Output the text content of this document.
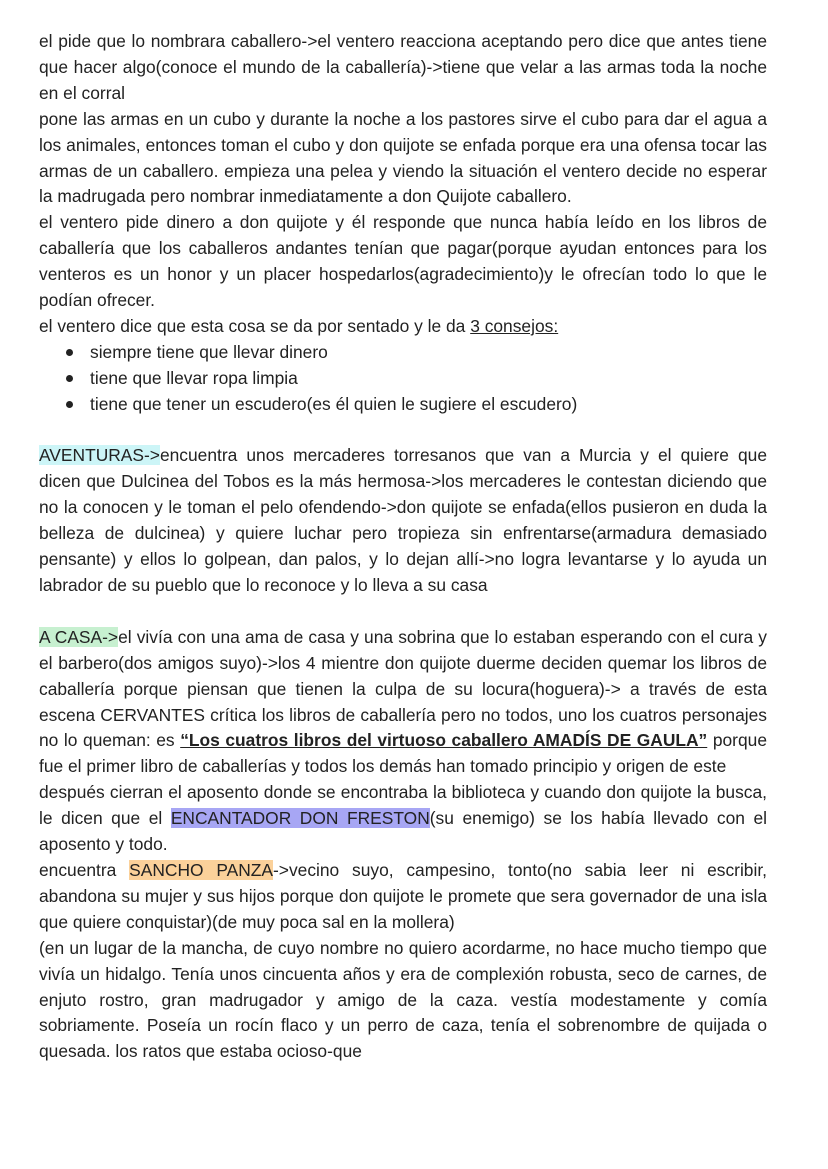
el pide que lo nombrara caballero->el ventero reacciona aceptando pero dice que antes tiene que hacer algo(conoce el mundo de la caballería)->tiene que velar a las armas toda la noche en el corral

pone las armas en un cubo y durante la noche a los pastores sirve el cubo para dar el agua a los animales, entonces toman el cubo y don quijote se enfada porque era una ofensa tocar las armas de un caballero. empieza una pelea y viendo la situación el ventero decide no esperar la madrugada pero nombrar inmediatamente a don Quijote caballero.

el ventero pide dinero a don quijote y él responde que nunca había leído en los libros de caballería que los caballeros andantes tenían que pagar(porque ayudan entonces para los venteros es un honor y un placer hospedarlos(agradecimiento)y le ofrecían todo lo que le podían ofrecer.

el ventero dice que esta cosa se da por sentado y le da 3 consejos:

siempre tiene que llevar dinero
tiene que llevar ropa limpia
tiene que tener un escudero(es él quien le sugiere el escudero)

AVENTURAS->encuentra unos mercaderes torresanos que van a Murcia y el quiere que dicen que Dulcinea del Tobos es la más hermosa->los mercaderes le contestan diciendo que no la conocen y le toman el pelo ofendendo->don quijote se enfada(ellos pusieron en duda la belleza de dulcinea) y quiere luchar pero tropieza sin enfrentarse(armadura demasiado pensante) y ellos lo golpean, dan palos, y lo dejan allí->no logra levantarse y lo ayuda un labrador de su pueblo que lo reconoce y lo lleva a su casa

A CASA->el vivía con una ama de casa y una sobrina que lo estaban esperando con el cura y el barbero(dos amigos suyo)->los 4 mientre don quijote duerme deciden quemar los libros de caballería porque piensan que tienen la culpa de su locura(hoguera)-> a través de esta escena CERVANTES crítica los libros de caballería pero no todos, uno los cuatros personajes no lo queman: es “Los cuatros libros del virtuoso caballero AMADÍS DE GAULA” porque fue el primer libro de caballerías y todos los demás han tomado principio y origen de este

después cierran el aposento donde se encontraba la biblioteca y cuando don quijote la busca, le dicen que el ENCANTADOR DON FRESTON(su enemigo) se los había llevado con el aposento y todo.

encuentra SANCHO PANZA->vecino suyo, campesino, tonto(no sabia leer ni escribir, abandona su mujer y sus hijos porque don quijote le promete que sera governador de una isla que quiere conquistar)(de muy poca sal en la mollera)

(en un lugar de la mancha, de cuyo nombre no quiero acordarme, no hace mucho tiempo que vivía un hidalgo. Tenía unos cincuenta años y era de complexión robusta, seco de carnes, de enjuto rostro, gran madrugador y amigo de la caza. vestía modestamente y comía sobriamente. Poseía un rocín flaco y un perro de caza, tenía el sobrenombre de quijada o quesada. los ratos que estaba ocioso-que
